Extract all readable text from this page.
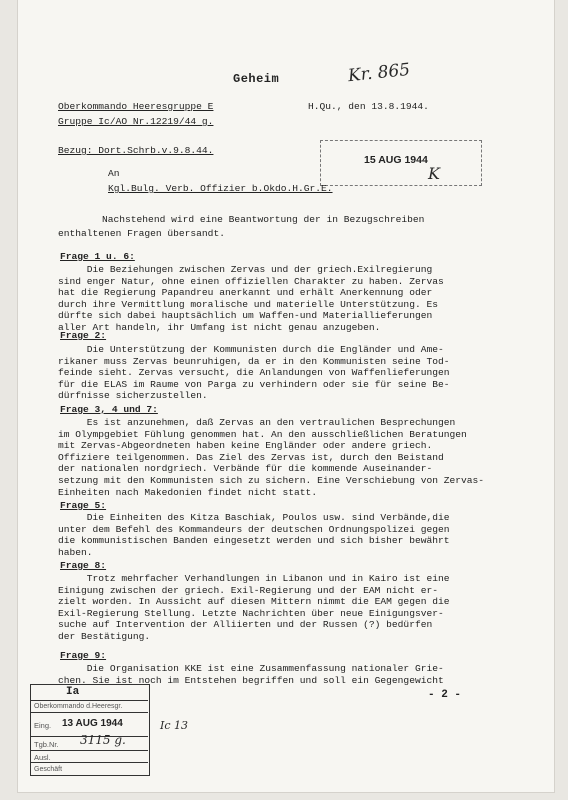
Geheim	Kr. 865
Oberkommando Heeresgruppe E	H.Qu., den 13.8.1944.
Gruppe Ic/AO Nr.12219/44 g.
Bezug: Dort.Schrb.v.9.8.44.
15 AUG 1944
K
An
Kgl.Bulg. Verb. Offizier b.Okdo.H.Gr.E.
Nachstehend wird eine Beantwortung der in Bezugschreiben
enthaltenen Fragen übersandt.
Frage 1 u. 6:
Die Beziehungen zwischen Zervas und der griech.Exilregierung
sind enger Natur, ohne einen offiziellen Charakter zu haben. Zervas
hat die Regierung Papandreu anerkannt und erhält Anerkennung oder
durch ihre Vermittlung moralische und materielle Unterstützung. Es
dürfte sich dabei hauptsächlich um Waffen-und Materiallieferungen
aller Art handeln, ihr Umfang ist nicht genau anzugeben.
Frage 2:
Die Unterstützung der Kommunisten durch die Engländer und Ame-
rikaner muss Zervas beunruhigen, da er in den Kommunisten seine Tod-
feinde sieht. Zervas versucht, die Anlandungen von Waffenlieferungen
für die ELAS im Raume von Parga zu verhindern oder sie für seine Be-
dürfnisse sicherzustellen.
Frage 3, 4 und 7:
Es ist anzunehmen, daß Zervas an den vertraulichen Besprechungen
im Olympgebiet Fühlung genommen hat. An den ausschließlichen Beratungen
mit Zervas-Abgeordneten haben keine Engländer oder andere griech.
Offiziere teilgenommen. Das Ziel des Zervas ist, durch den Beistand
der nationalen nordgriech. Verbände für die kommende Auseinander-
setzung mit den Kommunisten sich zu sichern. Eine Verschiebung von Zervas-
Einheiten nach Makedonien findet nicht statt.
Frage 5:
Die Einheiten des Kitza Baschiak, Poulos usw. sind Verbände,die
unter dem Befehl des Kommandeurs der deutschen Ordnungspolizei gegen
die kommunistischen Banden eingesetzt werden und sich bisher bewährt
haben.
Frage 8:
Trotz mehrfacher Verhandlungen in Libanon und in Kairo ist eine
Einigung zwischen der griech. Exil-Regierung und der EAM nicht er-
zielt worden. In Aussicht auf diesen Mittern nimmt die EAM gegen die
Exil-Regierung Stellung. Letzte Nachrichten über neue Einigungsver-
suche auf Intervention der Alliierten und der Russen (?) bedürfen
der Bestätigung.
Frage 9:
Die Organisation KKE ist eine Zusammenfassung nationaler Grie-
chen. Sie ist noch im Entstehen begriffen und soll ein Gegengewicht
- 2 -
Ia
Oberkommando d.Heeresgr.
Eing. 13 AUG 1944
Tgb.Nr. 3115 g.
Ausl.
Geschäft
Ic 13
